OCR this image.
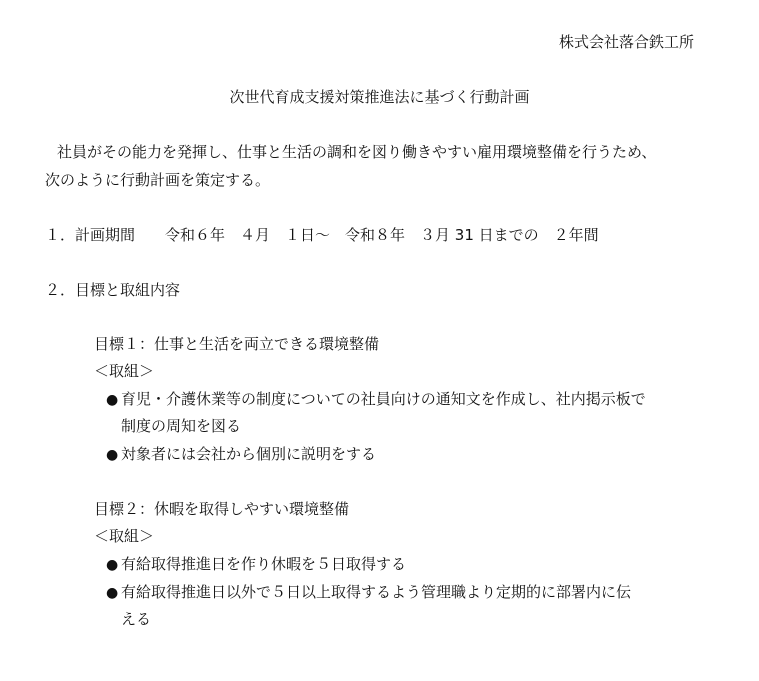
株式会社落合鉄工所
次世代育成支援対策推進法に基づく行動計画
社員がその能力を発揮し、仕事と生活の調和を図り働きやすい雇用環境整備を行うため、
次のように行動計画を策定する。
１．計画期間 令和６年　４月　１日～　令和８年　３月 31 日までの　２年間
２．目標と取組内容
目標１：仕事と生活を両立できる環境整備
＜取組＞
● 育児・介護休業等の制度についての社員向けの通知文を作成し、社内掲示板で
制度の周知を図る
● 対象者には会社から個別に説明をする
目標２：休暇を取得しやすい環境整備
＜取組＞
● 有給取得推進日を作り休暇を５日取得する
● 有給取得推進日以外で５日以上取得するよう管理職より定期的に部署内に伝
える
